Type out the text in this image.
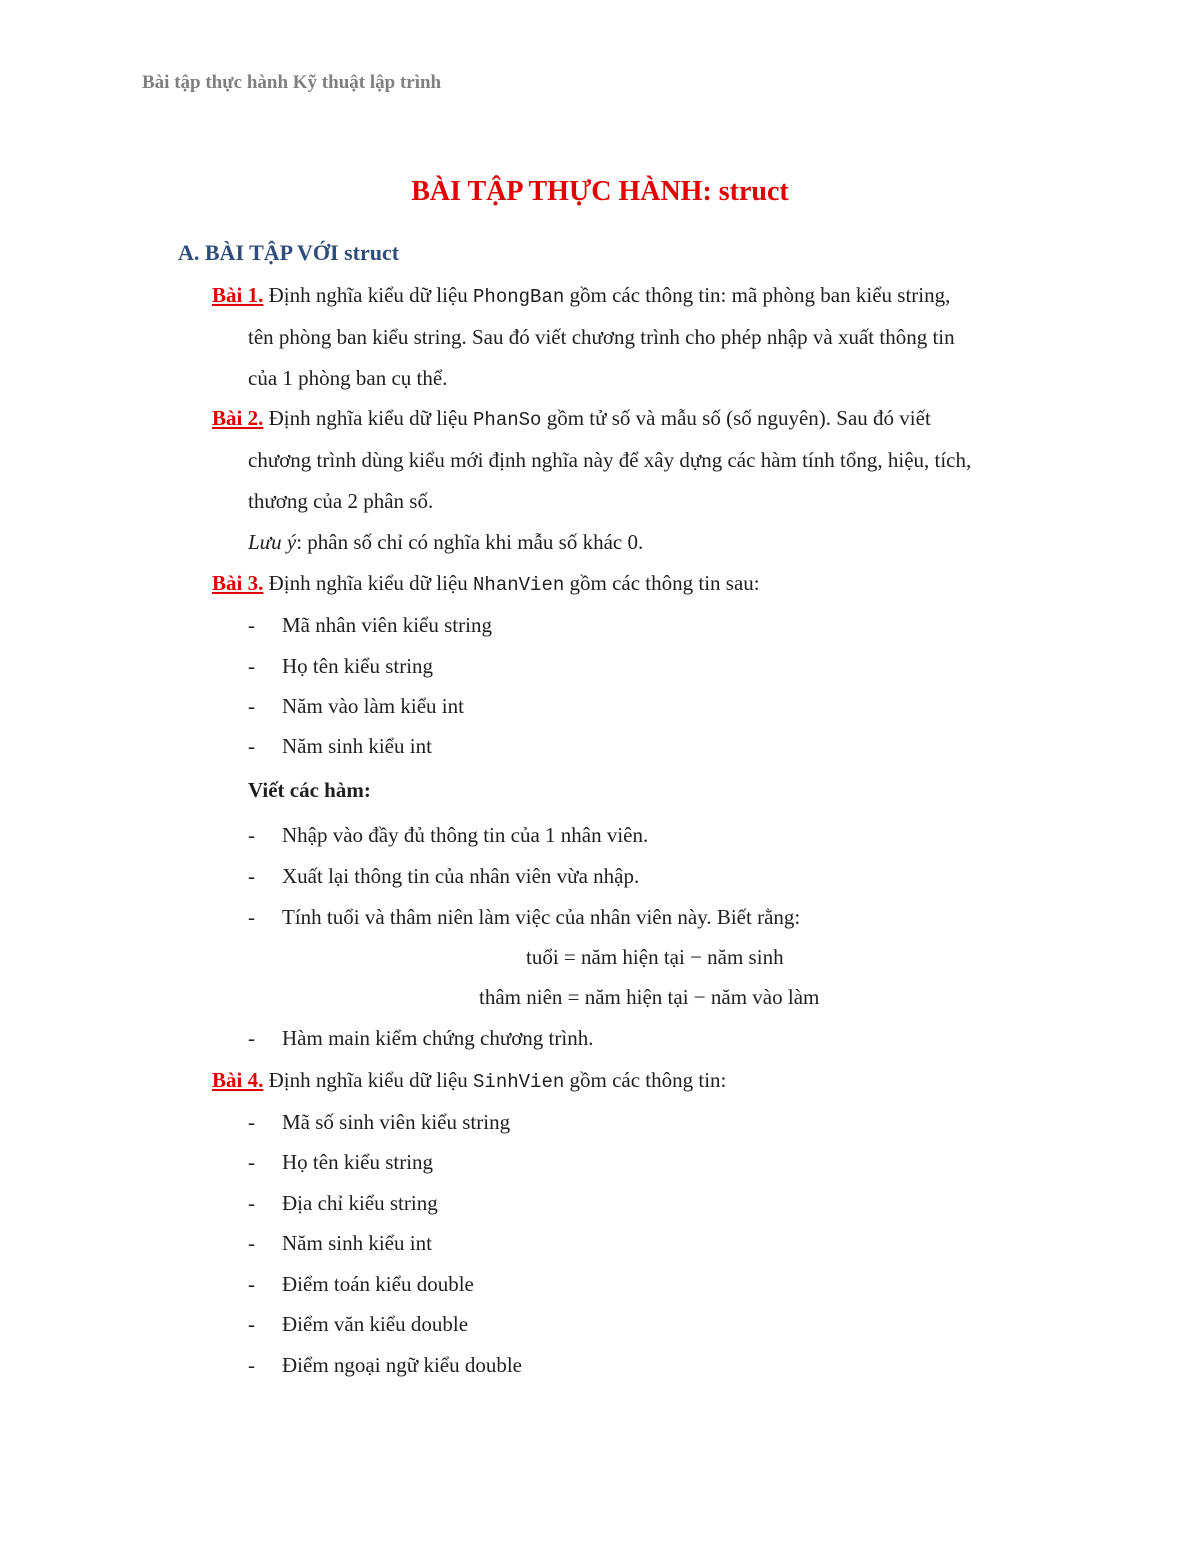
Bài tập thực hành Kỹ thuật lập trình
BÀI TẬP THỰC HÀNH: struct
A. BÀI TẬP VỚI struct
Bài 1. Định nghĩa kiểu dữ liệu PhongBan gồm các thông tin: mã phòng ban kiểu string,
tên phòng ban kiểu string. Sau đó viết chương trình cho phép nhập và xuất thông tin
của 1 phòng ban cụ thể.
Bài 2. Định nghĩa kiểu dữ liệu PhanSo gồm tử số và mẫu số (số nguyên). Sau đó viết
chương trình dùng kiểu mới định nghĩa này để xây dựng các hàm tính tổng, hiệu, tích,
thương của 2 phân số.
Lưu ý: phân số chỉ có nghĩa khi mẫu số khác 0.
Bài 3. Định nghĩa kiểu dữ liệu NhanVien gồm các thông tin sau:
-	Mã nhân viên kiểu string
-	Họ tên kiểu string
-	Năm vào làm kiểu int
-	Năm sinh kiểu int
Viết các hàm:
-	Nhập vào đầy đủ thông tin của 1 nhân viên.
-	Xuất lại thông tin của nhân viên vừa nhập.
-	Tính tuổi và thâm niên làm việc của nhân viên này. Biết rằng:
tuổi = năm hiện tại − năm sinh
thâm niên = năm hiện tại − năm vào làm
-	Hàm main kiểm chứng chương trình.
Bài 4. Định nghĩa kiểu dữ liệu SinhVien gồm các thông tin:
-	Mã số sinh viên kiểu string
-	Họ tên kiểu string
-	Địa chỉ kiểu string
-	Năm sinh kiểu int
-	Điểm toán kiểu double
-	Điểm văn kiểu double
-	Điểm ngoại ngữ kiểu double
